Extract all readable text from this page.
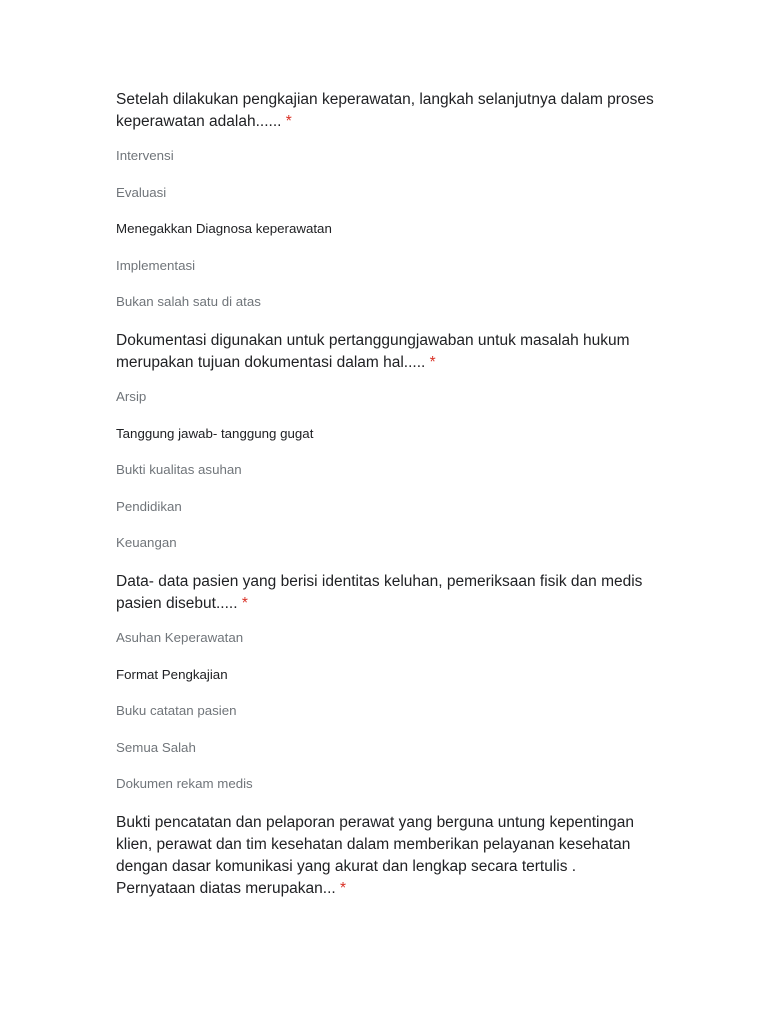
Setelah dilakukan pengkajian keperawatan, langkah selanjutnya dalam proses keperawatan adalah...... *

Intervensi
Evaluasi
Menegakkan Diagnosa keperawatan
Implementasi
Bukan salah satu di atas

Dokumentasi digunakan untuk pertanggungjawaban untuk masalah hukum merupakan tujuan dokumentasi dalam hal..... *

Arsip
Tanggung jawab- tanggung gugat
Bukti kualitas asuhan
Pendidikan
Keuangan

Data- data pasien yang berisi identitas keluhan, pemeriksaan fisik dan medis pasien disebut..... *

Asuhan Keperawatan
Format Pengkajian
Buku catatan pasien
Semua Salah
Dokumen rekam medis

Bukti pencatatan dan pelaporan perawat yang berguna untung kepentingan klien, perawat dan tim kesehatan dalam memberikan pelayanan kesehatan dengan dasar komunikasi yang akurat dan lengkap secara tertulis . Pernyataan diatas merupakan... *
